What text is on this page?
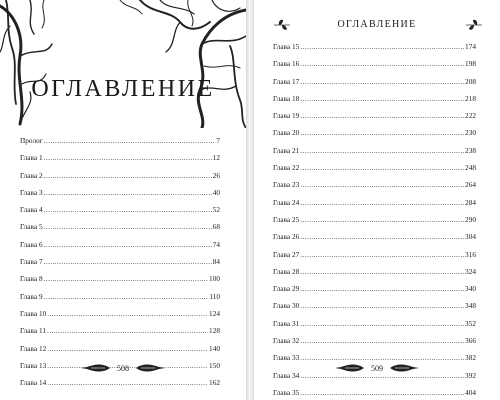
ОГЛАВЛЕНИЕ
Пролог .....	7
Глава 1 .....	12
Глава 2 .....	26
Глава 3 .....	40
Глава 4 .....	52
Глава 5 .....	68
Глава 6 .....	74
Глава 7 .....	84
Глава 8 .....	100
Глава 9 .....	110
Глава 10 .....	124
Глава 11 .....	128
Глава 12 .....	140
Глава 13 .....	150
Глава 14 .....	162
508
ОГЛАВЛЕНИЕ
Глава 15 .....	174
Глава 16 .....	198
Глава 17 .....	208
Глава 18 .....	218
Глава 19 .....	222
Глава 20 .....	230
Глава 21 .....	238
Глава 22 .....	248
Глава 23 .....	264
Глава 24 .....	284
Глава 25 .....	290
Глава 26 .....	304
Глава 27 .....	316
Глава 28 .....	324
Глава 29 .....	340
Глава 30 .....	348
Глава 31 .....	352
Глава 32 .....	366
Глава 33 .....	382
Глава 34 .....	392
Глава 35 .....	404
509
